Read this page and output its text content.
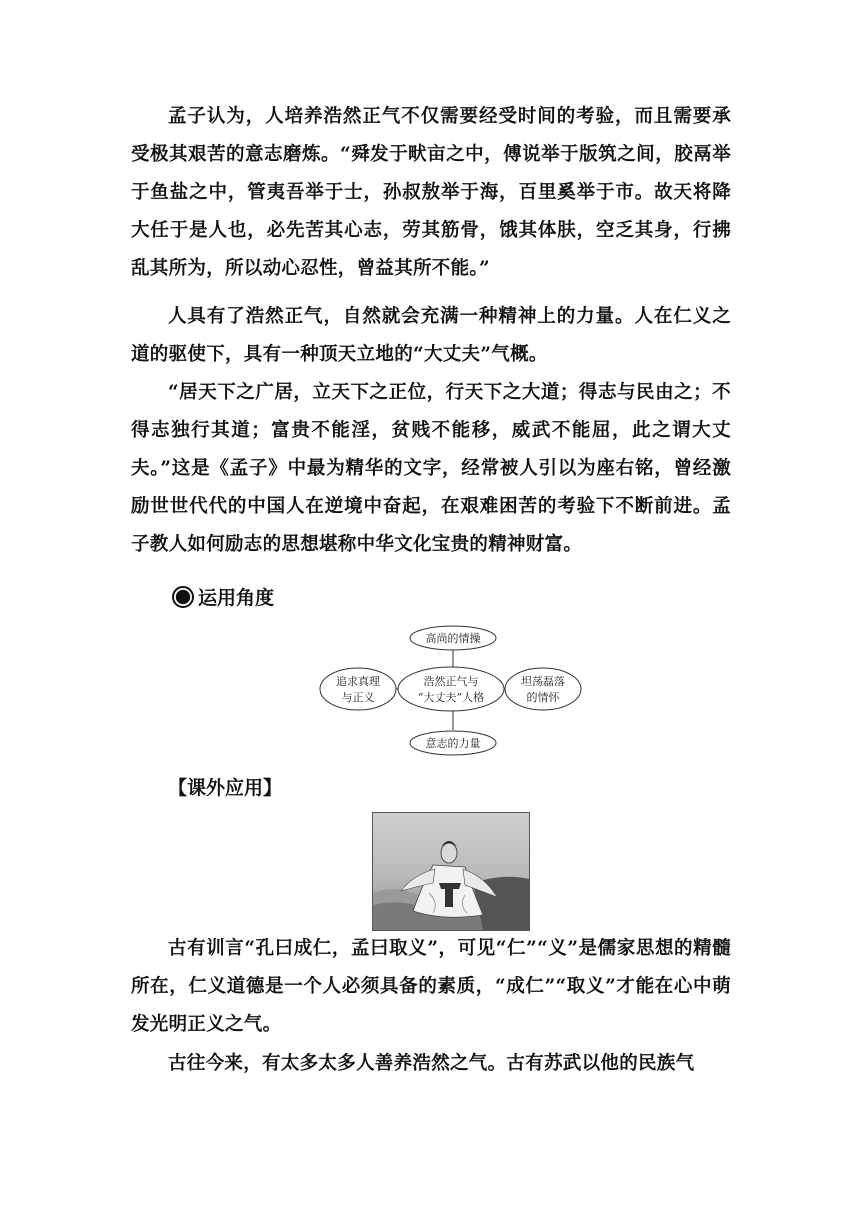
孟子认为，人培养浩然正气不仅需要经受时间的考验，而且需要承受极其艰苦的意志磨炼。“舜发于畎亩之中，傅说举于版筑之间，胶鬲举于鱼盐之中，管夷吾举于士，孙叔敖举于海，百里奚举于市。故天将降大任于是人也，必先苦其心志，劳其筋骨，饿其体肤，空乏其身，行拂乱其所为，所以动心忍性，曾益其所不能。”

人具有了浩然正气，自然就会充满一种精神上的力量。人在仁义之道的驱使下，具有一种顶天立地的“大丈夫”气概。

“居天下之广居，立天下之正位，行天下之大道；得志与民由之；不得志独行其道；富贵不能淫，贫贱不能移，威武不能屈，此之谓大丈夫。”这是《孟子》中最为精华的文字，经常被人引以为座右铭，曾经激励世世代代的中国人在逆境中奋起，在艰难困苦的考验下不断前进。孟子教人如何励志的思想堪称中华文化宝贵的精神财富。

运用角度
高尚的情操
浩然正气与
“大丈夫”人格
追求真理
与正义
坦荡磊落
的情怀
意志的力量
【课外应用】

古有训言“孔曰成仁，孟曰取义”，可见“仁”“义”是儒家思想的精髓所在，仁义道德是一个人必须具备的素质，“成仁”“取义”才能在心中萌发光明正义之气。

古往今来，有太多太多人善养浩然之气。古有苏武以他的民族气
